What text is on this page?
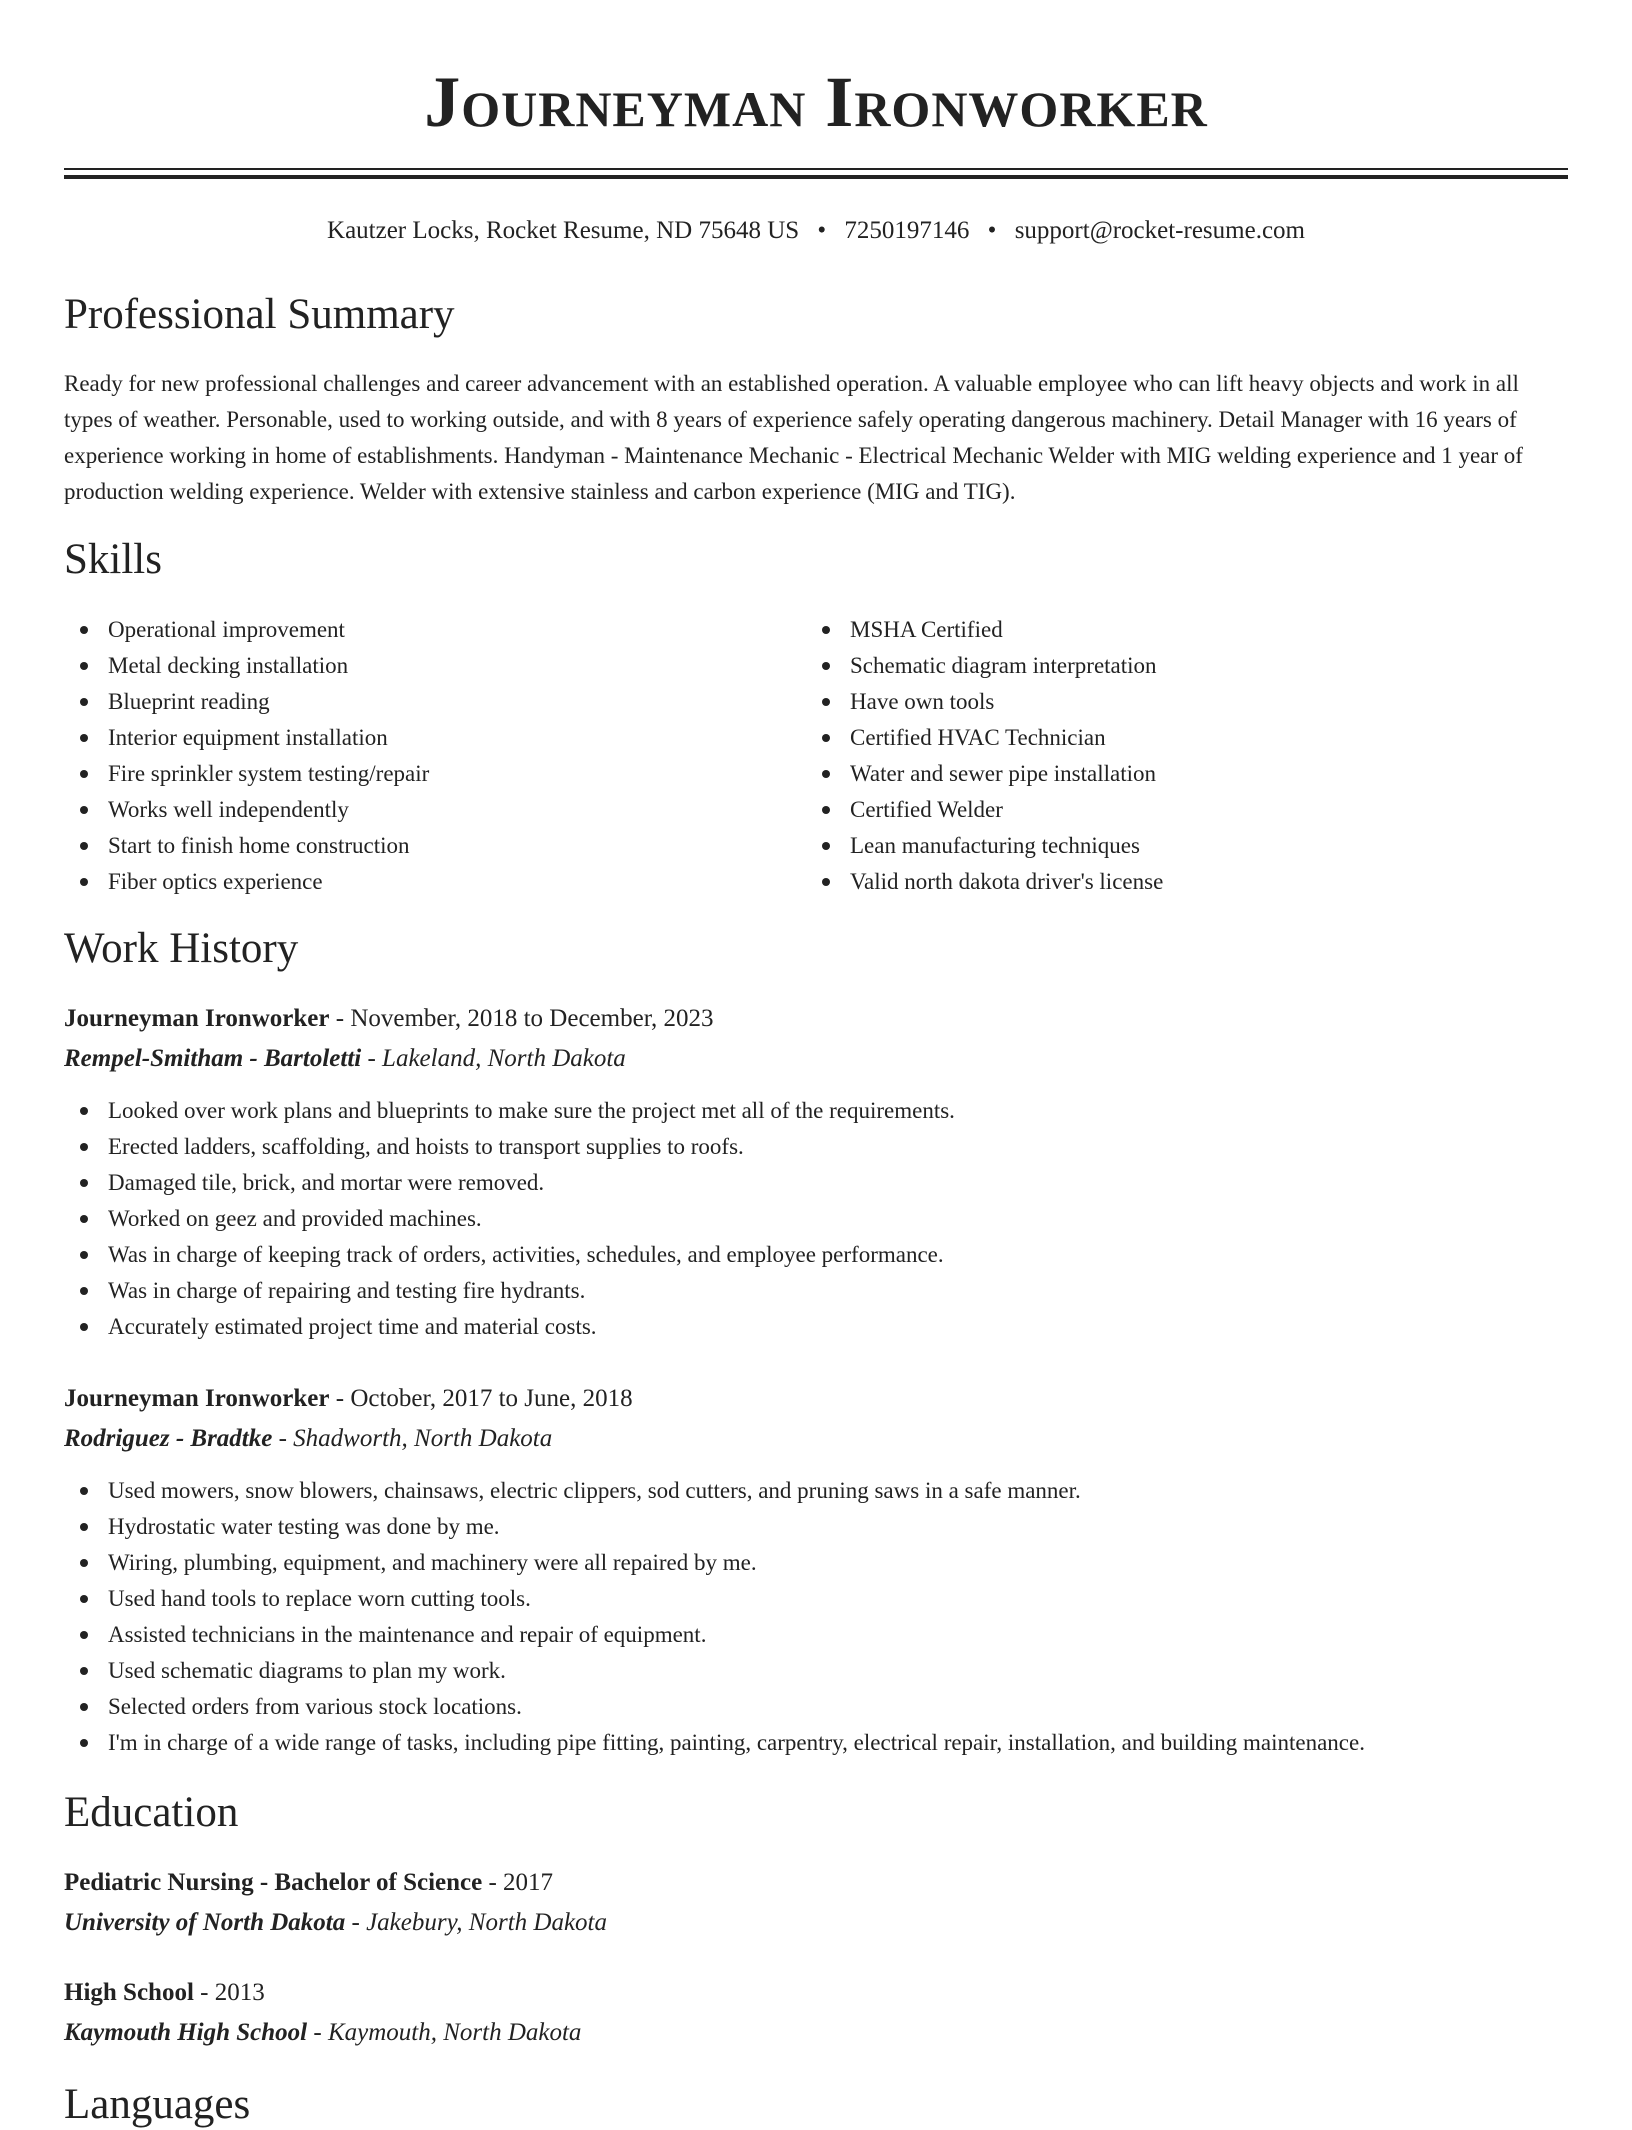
Journeyman Ironworker
Kautzer Locks, Rocket Resume, ND 75648 US • 7250197146 • support@rocket-resume.com
Professional Summary

Ready for new professional challenges and career advancement with an established operation. A valuable employee who can lift heavy objects and work in all types of weather. Personable, used to working outside, and with 8 years of experience safely operating dangerous machinery. Detail Manager with 16 years of experience working in home of establishments. Handyman - Maintenance Mechanic - Electrical Mechanic Welder with MIG welding experience and 1 year of production welding experience. Welder with extensive stainless and carbon experience (MIG and TIG).

Skills
Operational improvement
Metal decking installation
Blueprint reading
Interior equipment installation
Fire sprinkler system testing/repair
Works well independently
Start to finish home construction
Fiber optics experience
MSHA Certified
Schematic diagram interpretation
Have own tools
Certified HVAC Technician
Water and sewer pipe installation
Certified Welder
Lean manufacturing techniques
Valid north dakota driver's license
Work History
Journeyman Ironworker - November, 2018 to December, 2023
Rempel-Smitham - Bartoletti - Lakeland, North Dakota
Looked over work plans and blueprints to make sure the project met all of the requirements.
Erected ladders, scaffolding, and hoists to transport supplies to roofs.
Damaged tile, brick, and mortar were removed.
Worked on geez and provided machines.
Was in charge of keeping track of orders, activities, schedules, and employee performance.
Was in charge of repairing and testing fire hydrants.
Accurately estimated project time and material costs.
Journeyman Ironworker - October, 2017 to June, 2018
Rodriguez - Bradtke - Shadworth, North Dakota
Used mowers, snow blowers, chainsaws, electric clippers, sod cutters, and pruning saws in a safe manner.
Hydrostatic water testing was done by me.
Wiring, plumbing, equipment, and machinery were all repaired by me.
Used hand tools to replace worn cutting tools.
Assisted technicians in the maintenance and repair of equipment.
Used schematic diagrams to plan my work.
Selected orders from various stock locations.
I'm in charge of a wide range of tasks, including pipe fitting, painting, carpentry, electrical repair, installation, and building maintenance.
Education
Pediatric Nursing - Bachelor of Science - 2017
University of North Dakota - Jakebury, North Dakota
High School - 2013
Kaymouth High School - Kaymouth, North Dakota
Languages
